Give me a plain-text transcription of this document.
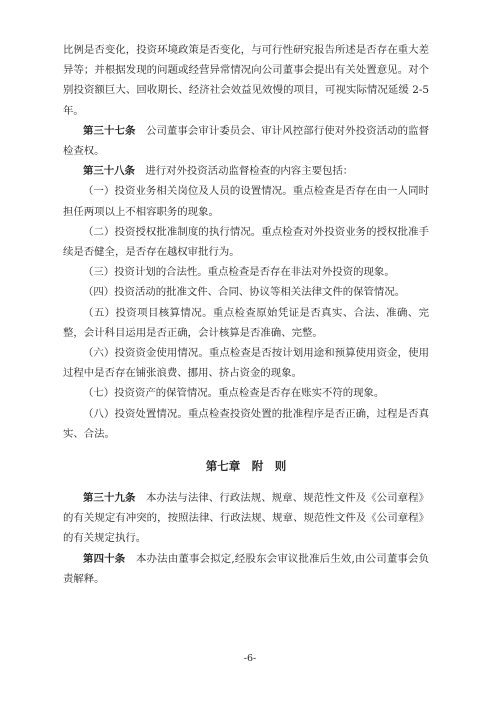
比例是否变化，投资环境政策是否变化，与可行性研究报告所述是否存在重大差异等；并根据发现的问题或经营异常情况向公司董事会提出有关处置意见。对个别投资额巨大、回收期长、经济社会效益见效慢的项目，可视实际情况延缓 2-5 年。

第三十七条　 公司董事会审计委员会、审计风控部行使对外投资活动的监督检查权。

第三十八条　 进行对外投资活动监督检查的内容主要包括：

（一）投资业务相关岗位及人员的设置情况。重点检查是否存在由一人同时担任两项以上不相容职务的现象。

（二）投资授权批准制度的执行情况。重点检查对外投资业务的授权批准手续是否健全，是否存在越权审批行为。

（三）投资计划的合法性。重点检查是否存在非法对外投资的现象。

（四）投资活动的批准文件、合同、协议等相关法律文件的保管情况。

（五）投资项目核算情况。重点检查原始凭证是否真实、合法、准确、完整，会计科目运用是否正确，会计核算是否准确、完整。

（六）投资资金使用情况。重点检查是否按计划用途和预算使用资金，使用过程中是否存在铺张浪费、挪用、挤占资金的现象。

（七）投资资产的保管情况。重点检查是否存在账实不符的现象。

（八）投资处置情况。重点检查投资处置的批准程序是否正确，过程是否真实、合法。

第七章　附　则

第三十九条　 本办法与法律、行政法规、规章、规范性文件及《公司章程》的有关规定有冲突的，按照法律、行政法规、规章、规范性文件及《公司章程》的有关规定执行。

第四十条　 本办法由董事会拟定,经股东会审议批准后生效,由公司董事会负责解释。

-6-
